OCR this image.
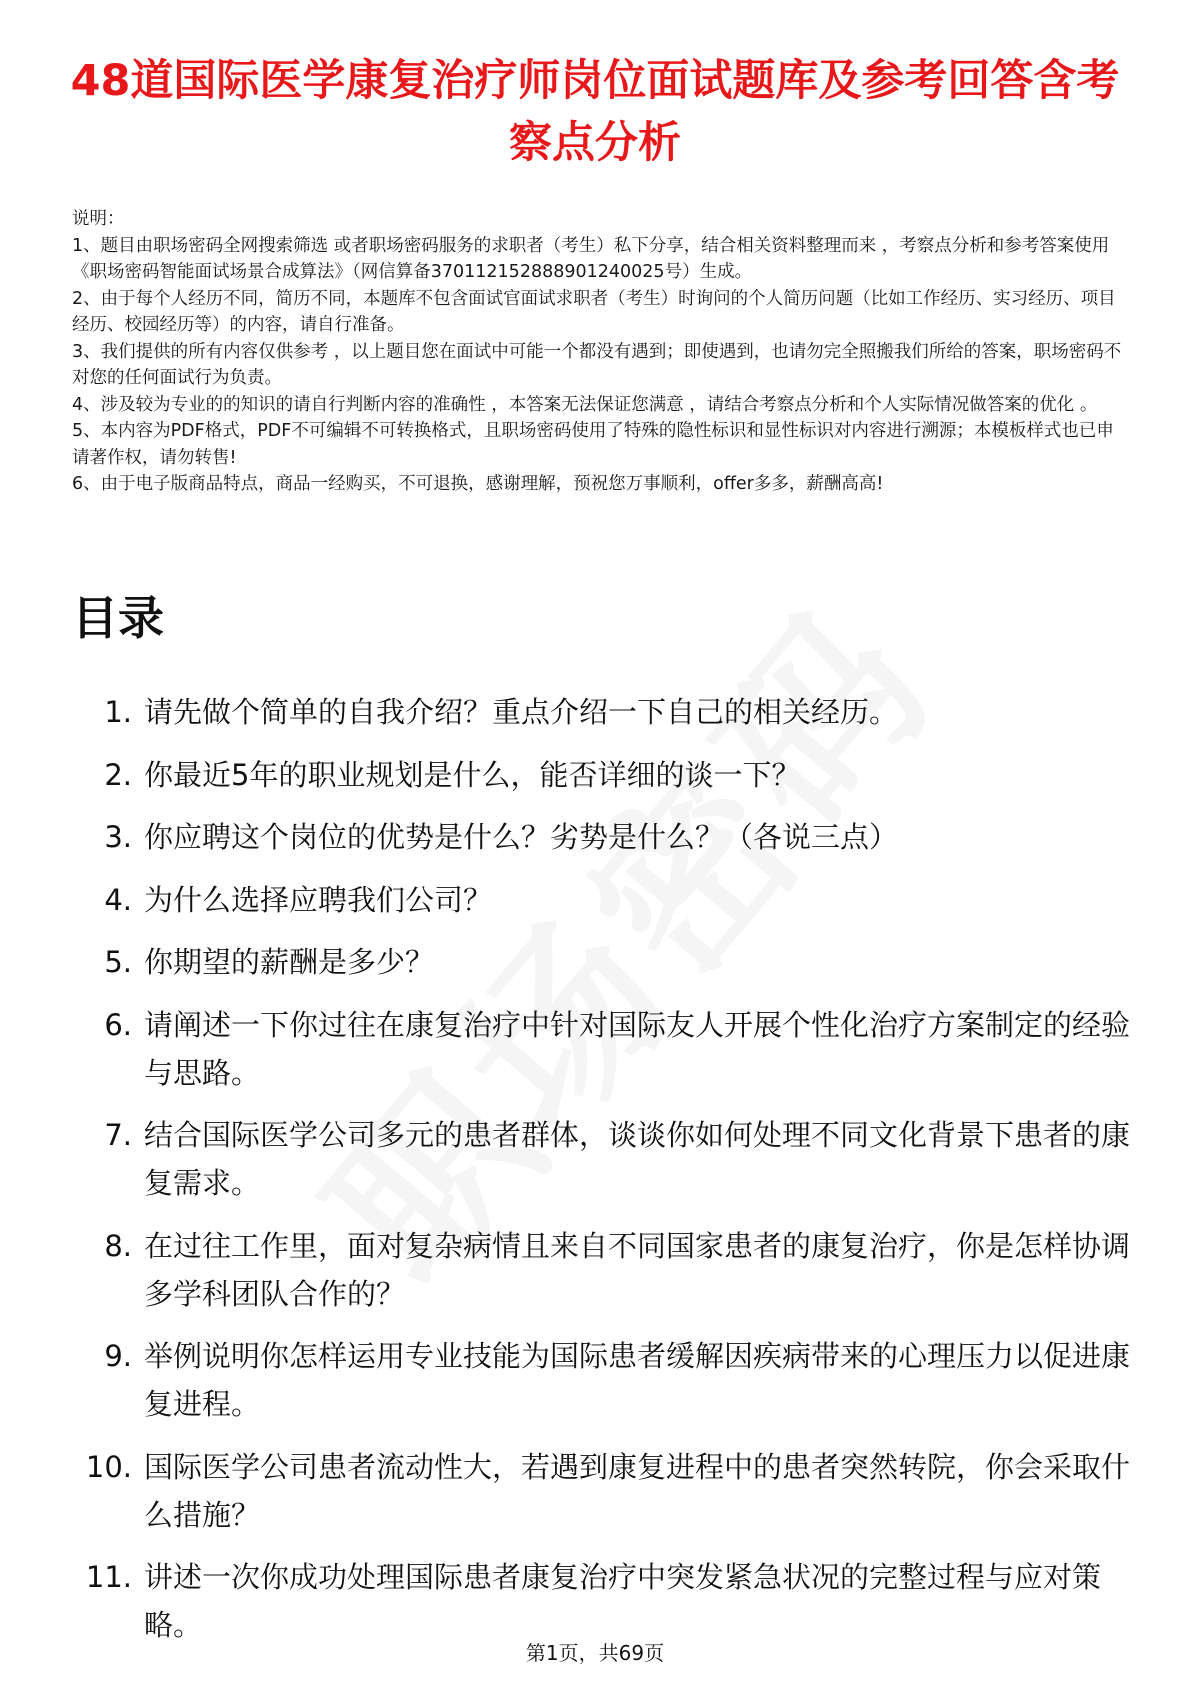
48道国际医学康复治疗师岗位面试题库及参考回答含考察点分析

说明：

1、题目由职场密码全网搜索筛选 或者职场密码服务的求职者（考生）私下分享，结合相关资料整理而来 ，考察点分析和参考答案使用《职场密码智能面试场景合成算法》（网信算备370112152888901240025号）生成。

2、由于每个人经历不同，简历不同，本题库不包含面试官面试求职者（考生）时询问的个人简历问题（比如工作经历、实习经历、项目经历、校园经历等）的内容，请自行准备。

3、我们提供的所有内容仅供参考 ，以上题目您在面试中可能一个都没有遇到；即使遇到，也请勿完全照搬我们所给的答案，职场密码不对您的任何面试行为负责。

4、涉及较为专业的的知识的请自行判断内容的准确性 ，本答案无法保证您满意 ，请结合考察点分析和个人实际情况做答案的优化 。

5、本内容为PDF格式，PDF不可编辑不可转换格式，且职场密码使用了特殊的隐性标识和显性标识对内容进行溯源；本模板样式也已申请著作权，请勿转售!

6、由于电子版商品特点，商品一经购买，不可退换，感谢理解，预祝您万事顺利，offer多多，薪酬高高!

目录
1. 请先做个简单的自我介绍？重点介绍一下自己的相关经历。
2. 你最近5年的职业规划是什么，能否详细的谈一下？
3. 你应聘这个岗位的优势是什么？劣势是什么？（各说三点）
4. 为什么选择应聘我们公司？
5. 你期望的薪酬是多少？
6. 请阐述一下你过往在康复治疗中针对国际友人开展个性化治疗方案制定的经验与思路。
7. 结合国际医学公司多元的患者群体，谈谈你如何处理不同文化背景下患者的康复需求。
8. 在过往工作里，面对复杂病情且来自不同国家患者的康复治疗，你是怎样协调多学科团队合作的？
9. 举例说明你怎样运用专业技能为国际患者缓解因疾病带来的心理压力以促进康复进程。
10. 国际医学公司患者流动性大，若遇到康复进程中的患者突然转院，你会采取什么措施？
11. 讲述一次你成功处理国际患者康复治疗中突发紧急状况的完整过程与应对策略。
第1页，共69页
